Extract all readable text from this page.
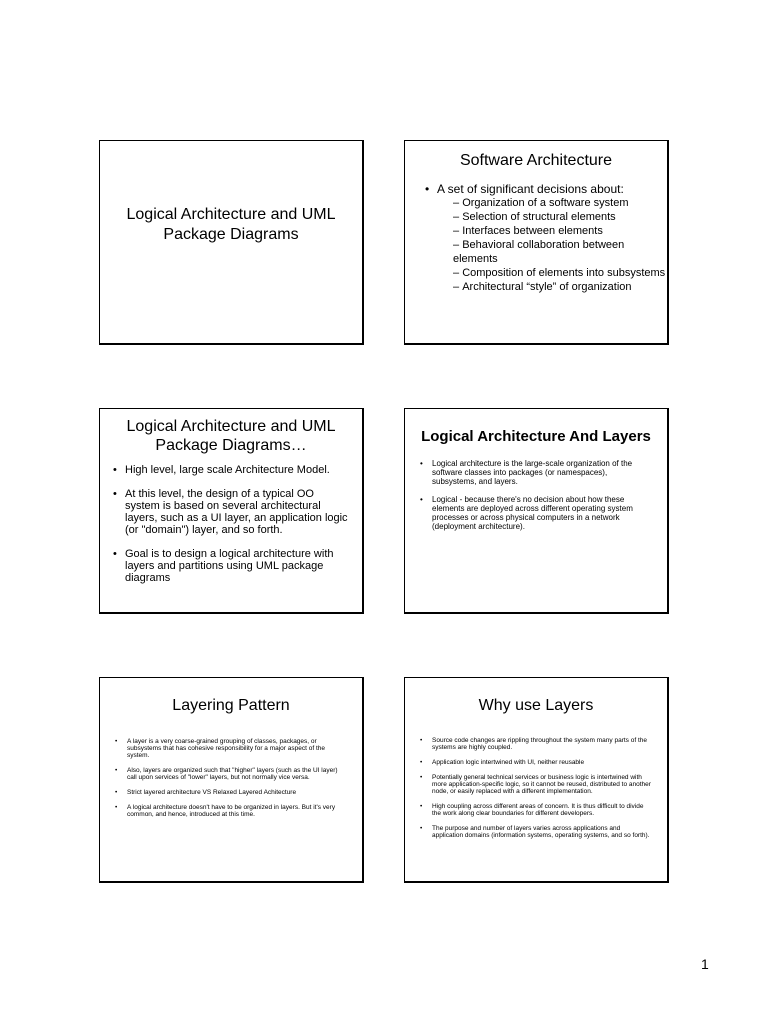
Logical Architecture and UML Package Diagrams
Software Architecture
• A set of significant decisions about:
– Organization of a software system
– Selection of structural elements
– Interfaces between elements
– Behavioral collaboration between elements
– Composition of elements into subsystems
– Architectural “style” of organization
Logical Architecture and UML Package Diagrams…
• High level, large scale Architecture Model.
• At this level, the design of a typical OO system is based on several architectural layers, such as a UI layer, an application logic (or "domain") layer, and so forth.
• Goal is to design a logical architecture with layers and partitions using UML package diagrams
Logical Architecture And Layers
• Logical architecture is the large-scale organization of the software classes into packages (or namespaces), subsystems, and layers.
• Logical - because there's no decision about how these elements are deployed across different operating system processes or across physical computers in a network (deployment architecture).
Layering Pattern
• A layer is a very coarse-grained grouping of classes, packages, or subsystems that has cohesive responsibility for a major aspect of the system.
• Also, layers are organized such that "higher" layers (such as the UI layer) call upon services of "lower" layers, but not normally vice versa.
• Strict layered architecture VS Relaxed Layered Achitecture
• A logical architecture doesn't have to be organized in layers. But it's very common, and hence, introduced at this time.
Why use Layers
• Source code changes are rippling throughout the system many parts of the systems are highly coupled.
• Application logic intertwined with UI, neither reusable
• Potentially general technical services or business logic is intertwined with more application-specific logic, so it cannot be reused, distributed to another node, or easily replaced with a different implementation.
• High coupling across different areas of concern. It is thus difficult to divide the work along clear boundaries for different developers.
• The purpose and number of layers varies across applications and application domains (information systems, operating systems, and so forth).
1
